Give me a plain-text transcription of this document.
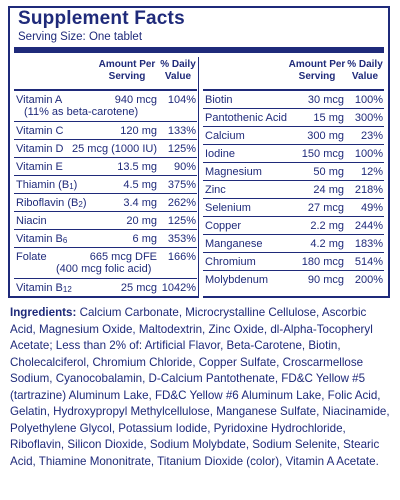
Supplement Facts
Serving Size: One tablet
Amount Per
Serving
% Daily
Value
Vitamin A	940 mcg 104%
(11% as beta-carotene)
Vitamin C	120 mg 133%
Vitamin D 25 mcg (1000 IU) 125%
Vitamin E	13.5 mg 90%
Thiamin $(B_1)$	4.5 mg 375%
Riboflavin $(B_2)$	3.4 mg 262%
Niacin	20 mg 125%
Vitamin $B_6$	6 mg 353%
Folate	665 mcg DFE 166%
(400 mcg folic acid)
Vitamin $B_{12}$	25 mcg 1042%
Amount Per
Serving
% Daily
Value
Biotin	30 mcg 100%
Pantothenic Acid 15 mg 300%
Calcium	300 mg 23%
Iodine	150 mcg 100%
Magnesium	50 mg 12%
Zinc	24 mg 218%
Selenium	27 mcg 49%
Copper	2.2 mg 244%
Manganese	4.2 mg 183%
Chromium	180 mcg 514%
Molybdenum	90 mcg 200%
Ingredients: Calcium Carbonate, Microcrystalline Cellulose, Ascorbic Acid, Magnesium Oxide, Maltodextrin, Zinc Oxide, dl-Alpha-Tocopheryl Acetate; Less than 2% of: Artificial Flavor, Beta-Carotene, Biotin, Cholecalciferol, Chromium Chloride, Copper Sulfate, Croscarmellose Sodium, Cyanocobalamin, D-Calcium Pantothenate, FD&C Yellow #5 (tartrazine) Aluminum Lake, FD&C Yellow #6 Aluminum Lake, Folic Acid, Gelatin, Hydroxypropyl Methylcellulose, Manganese Sulfate, Niacinamide, Polyethylene Glycol, Potassium Iodide, Pyridoxine Hydrochloride, Riboflavin, Silicon Dioxide, Sodium Molybdate, Sodium Selenite, Stearic Acid, Thiamine Mononitrate, Titanium Dioxide (color), Vitamin A Acetate.
